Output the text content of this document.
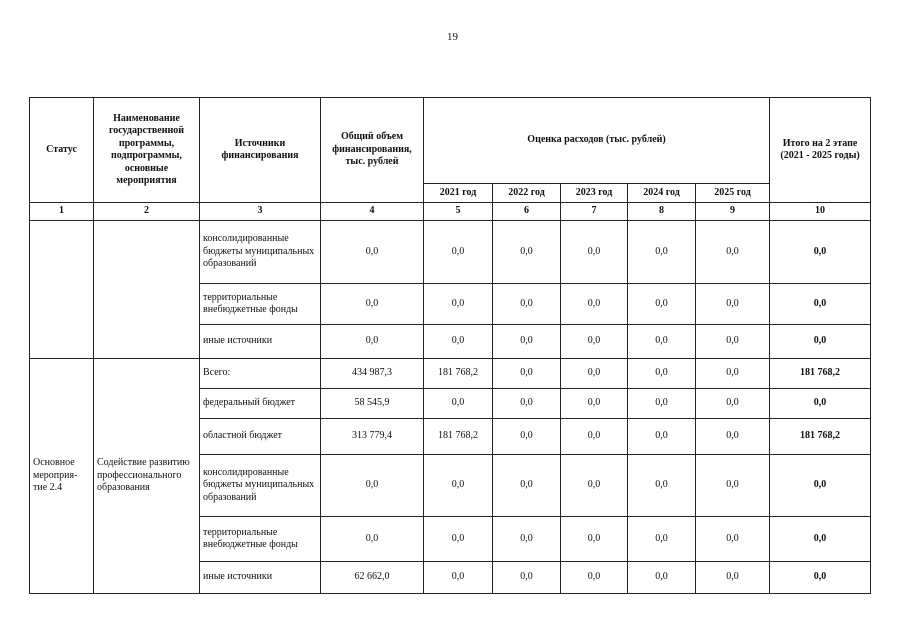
19
Статус	Наименование государственной программы, подпрограммы, основные мероприятия	Источники финансирования	Общий объем финансирования, тыс. рублей	Оценка расходов (тыс. рублей)					Итого на 2 этапе (2021 - 2025 годы)
				2021 год	2022 год	2023 год	2024 год	2025 год	
1	2	3	4	5	6	7	8	9	10
		консолидированные бюджеты муниципальных образований	0,0	0,0	0,0	0,0	0,0	0,0	0,0
		территориальные внебюджетные фонды	0,0	0,0	0,0	0,0	0,0	0,0	0,0
		иные источники	0,0	0,0	0,0	0,0	0,0	0,0	0,0
Основное мероприя-тие 2.4	Содействие развитию профессионального образования	Всего:	434 987,3	181 768,2	0,0	0,0	0,0	0,0	181 768,2
		федеральный бюджет	58 545,9	0,0	0,0	0,0	0,0	0,0	0,0
		областной бюджет	313 779,4	181 768,2	0,0	0,0	0,0	0,0	181 768,2
		консолидированные бюджеты муниципальных образований	0,0	0,0	0,0	0,0	0,0	0,0	0,0
		территориальные внебюджетные фонды	0,0	0,0	0,0	0,0	0,0	0,0	0,0
		иные источники	62 662,0	0,0	0,0	0,0	0,0	0,0	0,0
